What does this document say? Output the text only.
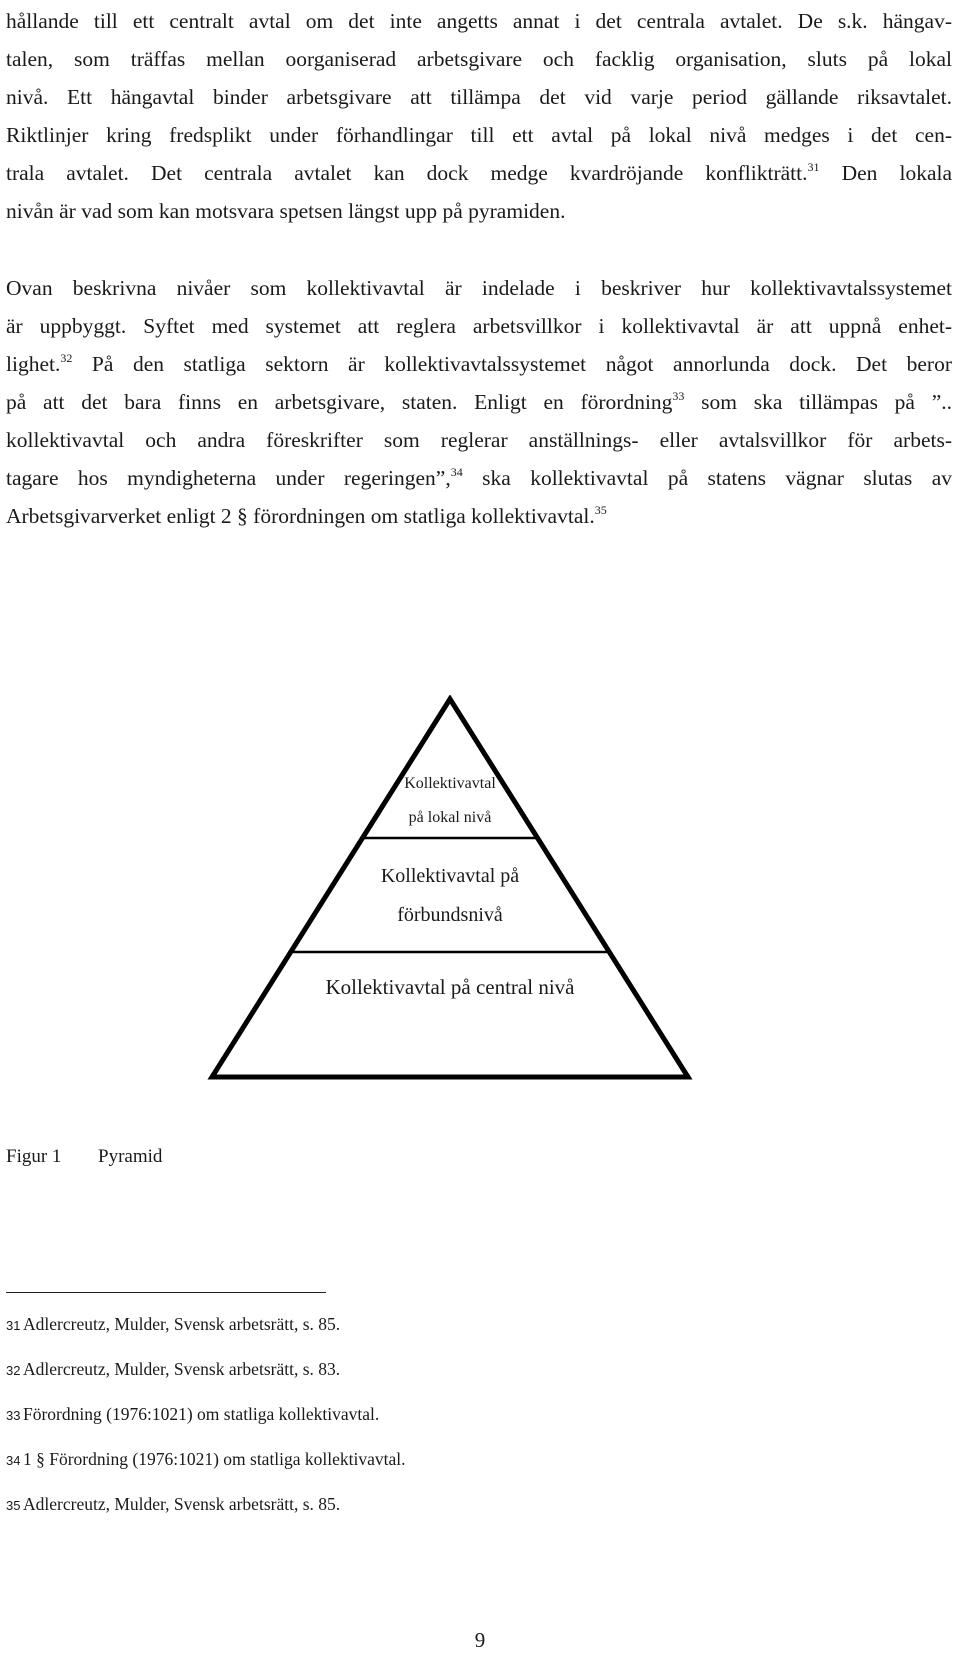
hållande till ett centralt avtal om det inte angetts annat i det centrala avtalet. De s.k. hängav-
talen, som träffas mellan oorganiserad arbetsgivare och facklig organisation, sluts på lokal
nivå. Ett hängavtal binder arbetsgivare att tillämpa det vid varje period gällande riksavtalet.
Riktlinjer kring fredsplikt under förhandlingar till ett avtal på lokal nivå medges i det cen-
trala avtalet. Det centrala avtalet kan dock medge kvardröjande konflikträtt.$^{31}$ Den lokala
nivån är vad som kan motsvara spetsen längst upp på pyramiden.
Ovan beskrivna nivåer som kollektivavtal är indelade i beskriver hur kollektivavtalssystemet
är uppbyggt. Syftet med systemet att reglera arbetsvillkor i kollektivavtal är att uppnå enhet-
lighet.$^{32}$ På den statliga sektorn är kollektivavtalssystemet något annorlunda dock. Det beror
på att det bara finns en arbetsgivare, staten. Enligt en förordning$^{33}$ som ska tillämpas på ”..
kollektivavtal och andra föreskrifter som reglerar anställnings- eller avtalsvillkor för arbets-
tagare hos myndigheterna under regeringen”,$^{34}$ ska kollektivavtal på statens vägnar slutas av
Arbetsgivarverket enligt 2 § förordningen om statliga kollektivavtal.$^{35}$

Kollektivavtal
på lokal nivå

Kollektivavtal på
förbundsnivå

Kollektivavtal på central nivå

Figur 1 Pyramid
31 Adlercreutz, Mulder, Svensk arbetsrätt, s. 85.
32 Adlercreutz, Mulder, Svensk arbetsrätt, s. 83.
33 Förordning (1976:1021) om statliga kollektivavtal.
34 1 § Förordning (1976:1021) om statliga kollektivavtal.
35 Adlercreutz, Mulder, Svensk arbetsrätt, s. 85.
9
